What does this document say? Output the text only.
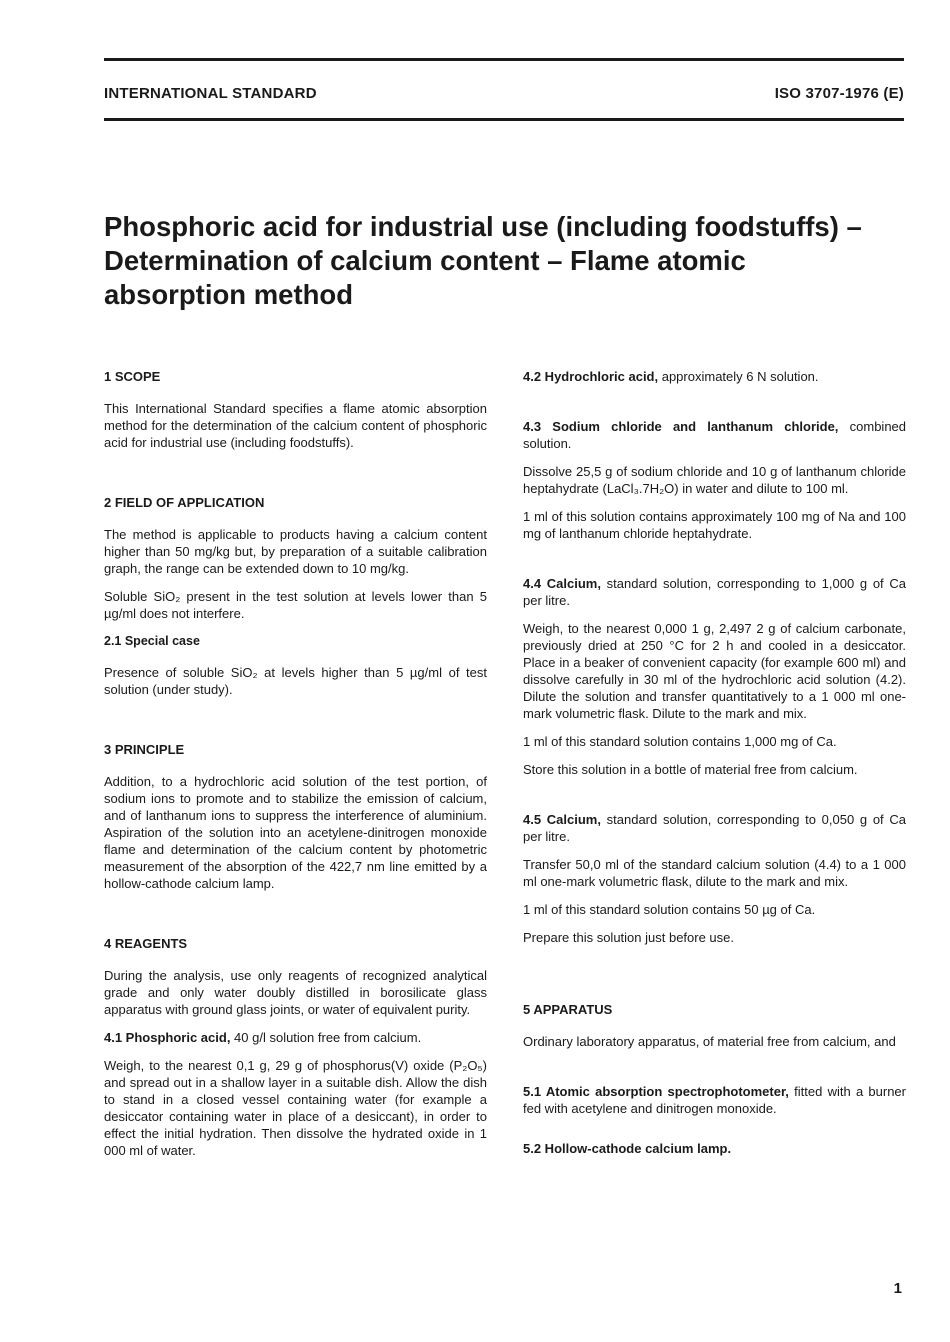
INTERNATIONAL STANDARD	ISO 3707-1976 (E)
Phosphoric acid for industrial use (including foodstuffs) –
Determination of calcium content – Flame atomic
absorption method
1 SCOPE

This International Standard specifies a flame atomic absorption method for the determination of the calcium content of phosphoric acid for industrial use (including foodstuffs).

2 FIELD OF APPLICATION

The method is applicable to products having a calcium content higher than 50 mg/kg but, by preparation of a suitable calibration graph, the range can be extended down to 10 mg/kg.

Soluble SiO₂ present in the test solution at levels lower than 5 µg/ml does not interfere.

2.1 Special case

Presence of soluble SiO₂ at levels higher than 5 µg/ml of test solution (under study).

3 PRINCIPLE

Addition, to a hydrochloric acid solution of the test portion, of sodium ions to promote and to stabilize the emission of calcium, and of lanthanum ions to suppress the interference of aluminium. Aspiration of the solution into an acetylene-dinitrogen monoxide flame and determination of the calcium content by photometric measurement of the absorption of the 422,7 nm line emitted by a hollow-cathode calcium lamp.

4 REAGENTS

During the analysis, use only reagents of recognized analytical grade and only water doubly distilled in borosilicate glass apparatus with ground glass joints, or water of equivalent purity.

4.1 Phosphoric acid, 40 g/l solution free from calcium.

Weigh, to the nearest 0,1 g, 29 g of phosphorus(V) oxide (P₂O₅) and spread out in a shallow layer in a suitable dish. Allow the dish to stand in a closed vessel containing water (for example a desiccator containing water in place of a desiccant), in order to effect the initial hydration. Then dissolve the hydrated oxide in 1 000 ml of water.

4.2 Hydrochloric acid, approximately 6 N solution.

4.3 Sodium chloride and lanthanum chloride, combined solution.

Dissolve 25,5 g of sodium chloride and 10 g of lanthanum chloride heptahydrate (LaCl₃.7H₂O) in water and dilute to 100 ml.

1 ml of this solution contains approximately 100 mg of Na and 100 mg of lanthanum chloride heptahydrate.

4.4 Calcium, standard solution, corresponding to 1,000 g of Ca per litre.

Weigh, to the nearest 0,000 1 g, 2,497 2 g of calcium carbonate, previously dried at 250 °C for 2 h and cooled in a desiccator. Place in a beaker of convenient capacity (for example 600 ml) and dissolve carefully in 30 ml of the hydrochloric acid solution (4.2). Dilute the solution and transfer quantitatively to a 1 000 ml one-mark volumetric flask. Dilute to the mark and mix.

1 ml of this standard solution contains 1,000 mg of Ca.

Store this solution in a bottle of material free from calcium.

4.5 Calcium, standard solution, corresponding to 0,050 g of Ca per litre.

Transfer 50,0 ml of the standard calcium solution (4.4) to a 1 000 ml one-mark volumetric flask, dilute to the mark and mix.

1 ml of this standard solution contains 50 µg of Ca.

Prepare this solution just before use.

5 APPARATUS

Ordinary laboratory apparatus, of material free from calcium, and

5.1 Atomic absorption spectrophotometer, fitted with a burner fed with acetylene and dinitrogen monoxide.

5.2 Hollow-cathode calcium lamp.

1
